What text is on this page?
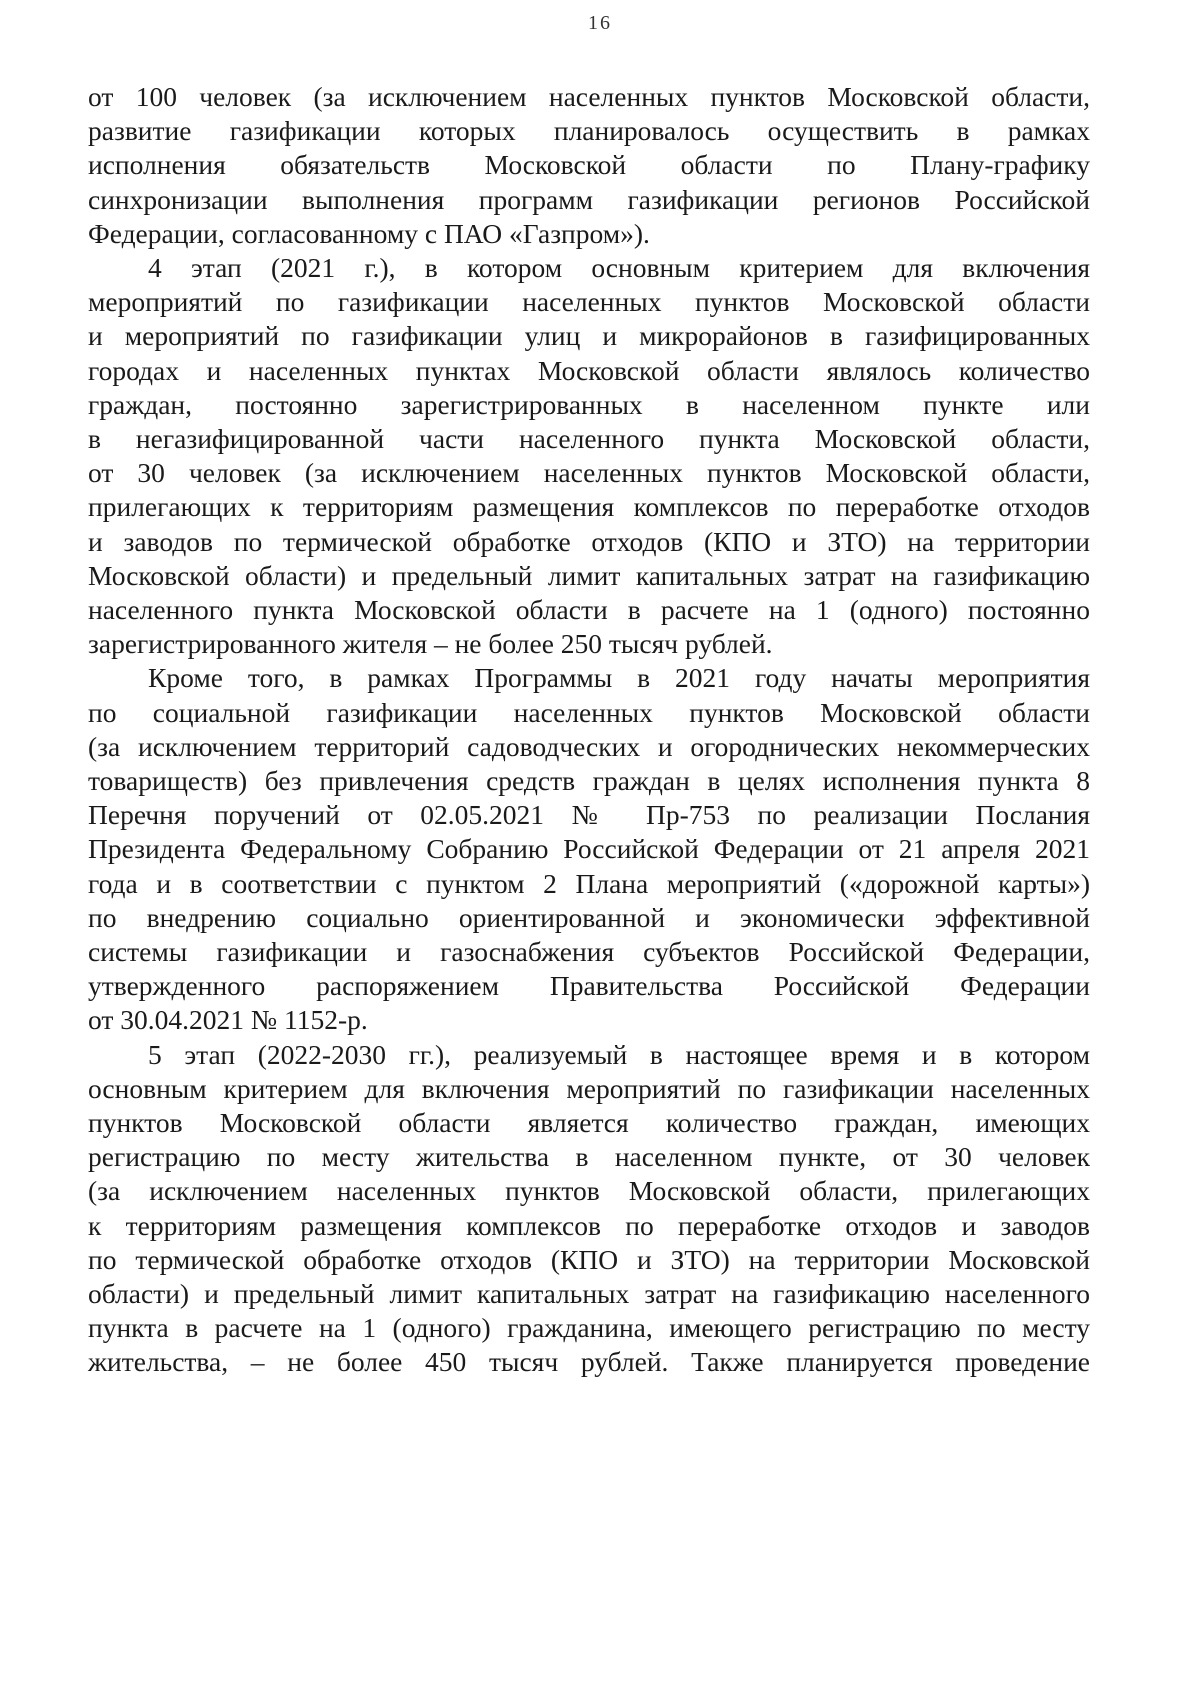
16
от 100 человек (за исключением населенных пунктов Московской области,
развитие газификации которых планировалось осуществить в рамках
исполнения обязательств Московской области по Плану-графику
синхронизации выполнения программ газификации регионов Российской
Федерации, согласованному с ПАО «Газпром»).
4 этап (2021 г.), в котором основным критерием для включения
мероприятий по газификации населенных пунктов Московской области
и мероприятий по газификации улиц и микрорайонов в газифицированных
городах и населенных пунктах Московской области являлось количество
граждан, постоянно зарегистрированных в населенном пункте или
в негазифицированной части населенного пункта Московской области,
от 30 человек (за исключением населенных пунктов Московской области,
прилегающих к территориям размещения комплексов по переработке отходов
и заводов по термической обработке отходов (КПО и ЗТО) на территории
Московской области) и предельный лимит капитальных затрат на газификацию
населенного пункта Московской области в расчете на 1 (одного) постоянно
зарегистрированного жителя – не более 250 тысяч рублей.
Кроме того, в рамках Программы в 2021 году начаты мероприятия
по социальной газификации населенных пунктов Московской области
(за исключением территорий садоводческих и огороднических некоммерческих
товариществ) без привлечения средств граждан в целях исполнения пункта 8
Перечня поручений от 02.05.2021 № Пр-753 по реализации Послания
Президента Федеральному Собранию Российской Федерации от 21 апреля 2021
года и в соответствии с пунктом 2 Плана мероприятий («дорожной карты»)
по внедрению социально ориентированной и экономически эффективной
системы газификации и газоснабжения субъектов Российской Федерации,
утвержденного распоряжением Правительства Российской Федерации
от 30.04.2021 № 1152-р.
5 этап (2022-2030 гг.), реализуемый в настоящее время и в котором
основным критерием для включения мероприятий по газификации населенных
пунктов Московской области является количество граждан, имеющих
регистрацию по месту жительства в населенном пункте, от 30 человек
(за исключением населенных пунктов Московской области, прилегающих
к территориям размещения комплексов по переработке отходов и заводов
по термической обработке отходов (КПО и ЗТО) на территории Московской
области) и предельный лимит капитальных затрат на газификацию населенного
пункта в расчете на 1 (одного) гражданина, имеющего регистрацию по месту
жительства, – не более 450 тысяч рублей. Также планируется проведение
